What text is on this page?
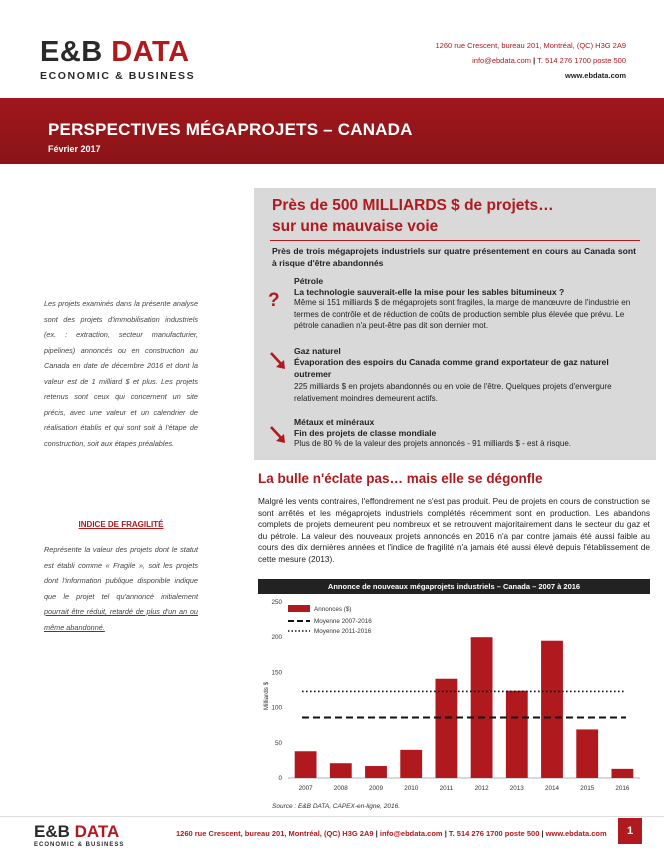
E&B DATA
ECONOMIC & BUSINESS
1260 rue Crescent, bureau 201, Montréal, (QC) H3G 2A9
info@ebdata.com | T. 514 276 1700 poste 500
www.ebdata.com
PERSPECTIVES MÉGAPROJETS – CANADA
Février 2017
Les projets examinés dans la présente analyse sont des projets d'immobilisation industriels (ex. : extraction, secteur manufacturier, pipelines) annoncés ou en construction au Canada en date de décembre 2016 et dont la valeur est de 1 milliard $ et plus. Les projets retenus sont ceux qui concernent un site précis, avec une valeur et un calendrier de réalisation établis et qui sont soit à l'étape de construction, soit aux étapes préalables.
INDICE DE FRAGILITÉ
Représente la valeur des projets dont le statut est établi comme « Fragile », soit les projets dont l'information publique disponible indique que le projet tel qu'annoncé initialement pourrait être réduit, retardé de plus d'un an ou même abandonné.
Près de 500 MILLIARDS $ de projets…
sur une mauvaise voie
Près de trois mégaprojets industriels sur quatre présentement en cours au Canada sont à risque d'être abandonnés
?
Pétrole
La technologie sauverait-elle la mise pour les sables bitumineux ?
Même si 151 milliards $ de mégaprojets sont fragiles, la marge de manœuvre de l'industrie en termes de contrôle et de réduction de coûts de production semble plus élevée que prévu. Le pétrole canadien n'a peut-être pas dit son dernier mot.
Gaz naturel
Évaporation des espoirs du Canada comme grand exportateur de gaz naturel outremer
225 milliards $ en projets abandonnés ou en voie de l'être. Quelques projets d'envergure relativement moindres demeurent actifs.
Métaux et minéraux
Fin des projets de classe mondiale
Plus de 80 % de la valeur des projets annoncés - 91 milliards $ - est à risque.
La bulle n'éclate pas… mais elle se dégonfle
Malgré les vents contraires, l'effondrement ne s'est pas produit. Peu de projets en cours de construction se sont arrêtés et les mégaprojets industriels complétés récemment sont en production. Les abandons complets de projets demeurent peu nombreux et se retrouvent majoritairement dans le secteur du gaz et du pétrole. La valeur des nouveaux projets annoncés en 2016 n'a par contre jamais été aussi faible au cours des dix dernières années et l'indice de fragilité n'a jamais été aussi élevé depuis l'établissement de cette mesure (2013).
Annonce de nouveaux mégaprojets industriels – Canada – 2007 à 2016
Milliards $
0
50
100
150
200
250
2007	2008	2009	2010	2011	2012	2013	2014	2015	2016
Annonces ($)
Moyenne 2007-2016
Moyenne 2011-2016
Source : E&B DATA, CAPEX-en-ligne, 2016.
E&B DATA
ECONOMIC & BUSINESS
1260 rue Crescent, bureau 201, Montréal, (QC) H3G 2A9 | info@ebdata.com | T. 514 276 1700 poste 500 | www.ebdata.com	1
